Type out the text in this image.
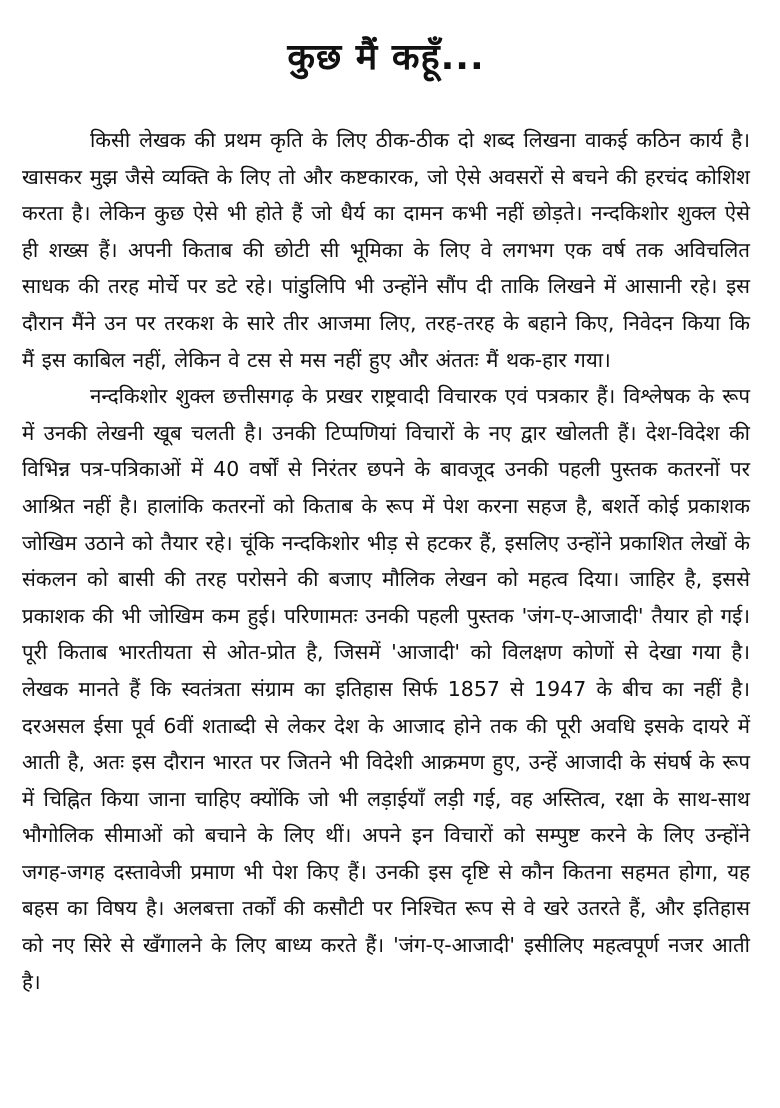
कुछ मैं कहूँ...

किसी लेखक की प्रथम कृति के लिए ठीक-ठीक दो शब्द लिखना वाकई कठिन कार्य है। खासकर मुझ जैसे व्यक्ति के लिए तो और कष्टकारक, जो ऐसे अवसरों से बचने की हरचंद कोशिश करता है। लेकिन कुछ ऐसे भी होते हैं जो धैर्य का दामन कभी नहीं छोड़ते। नन्दकिशोर शुक्ल ऐसे ही शख्स हैं। अपनी किताब की छोटी सी भूमिका के लिए वे लगभग एक वर्ष तक अविचलित साधक की तरह मोर्चे पर डटे रहे। पांडुलिपि भी उन्होंने सौंप दी ताकि लिखने में आसानी रहे। इस दौरान मैंने उन पर तरकश के सारे तीर आजमा लिए, तरह-तरह के बहाने किए, निवेदन किया कि मैं इस काबिल नहीं, लेकिन वे टस से मस नहीं हुए और अंततः मैं थक-हार गया।

नन्दकिशोर शुक्ल छत्तीसगढ़ के प्रखर राष्ट्रवादी विचारक एवं पत्रकार हैं। विश्लेषक के रूप में उनकी लेखनी खूब चलती है। उनकी टिप्पणियां विचारों के नए द्वार खोलती हैं। देश-विदेश की विभिन्न पत्र-पत्रिकाओं में 40 वर्षों से निरंतर छपने के बावजूद उनकी पहली पुस्तक कतरनों पर आश्रित नहीं है। हालांकि कतरनों को किताब के रूप में पेश करना सहज है, बशर्ते कोई प्रकाशक जोखिम उठाने को तैयार रहे। चूंकि नन्दकिशोर भीड़ से हटकर हैं, इसलिए उन्होंने प्रकाशित लेखों के संकलन को बासी की तरह परोसने की बजाए मौलिक लेखन को महत्व दिया। जाहिर है, इससे प्रकाशक की भी जोखिम कम हुई। परिणामतः उनकी पहली पुस्तक 'जंग-ए-आजादी' तैयार हो गई। पूरी किताब भारतीयता से ओत-प्रोत है, जिसमें 'आजादी' को विलक्षण कोणों से देखा गया है। लेखक मानते हैं कि स्वतंत्रता संग्राम का इतिहास सिर्फ 1857 से 1947 के बीच का नहीं है। दरअसल ईसा पूर्व 6वीं शताब्दी से लेकर देश के आजाद होने तक की पूरी अवधि इसके दायरे में आती है, अतः इस दौरान भारत पर जितने भी विदेशी आक्रमण हुए, उन्हें आजादी के संघर्ष के रूप में चिह्नित किया जाना चाहिए क्योंकि जो भी लड़ाईयाँ लड़ी गई, वह अस्तित्व, रक्षा के साथ-साथ भौगोलिक सीमाओं को बचाने के लिए थीं। अपने इन विचारों को सम्पुष्ट करने के लिए उन्होंने जगह-जगह दस्तावेजी प्रमाण भी पेश किए हैं। उनकी इस दृष्टि से कौन कितना सहमत होगा, यह बहस का विषय है। अलबत्ता तर्कों की कसौटी पर निश्चित रूप से वे खरे उतरते हैं, और इतिहास को नए सिरे से खँगालने के लिए बाध्य करते हैं। 'जंग-ए-आजादी' इसीलिए महत्वपूर्ण नजर आती है।
